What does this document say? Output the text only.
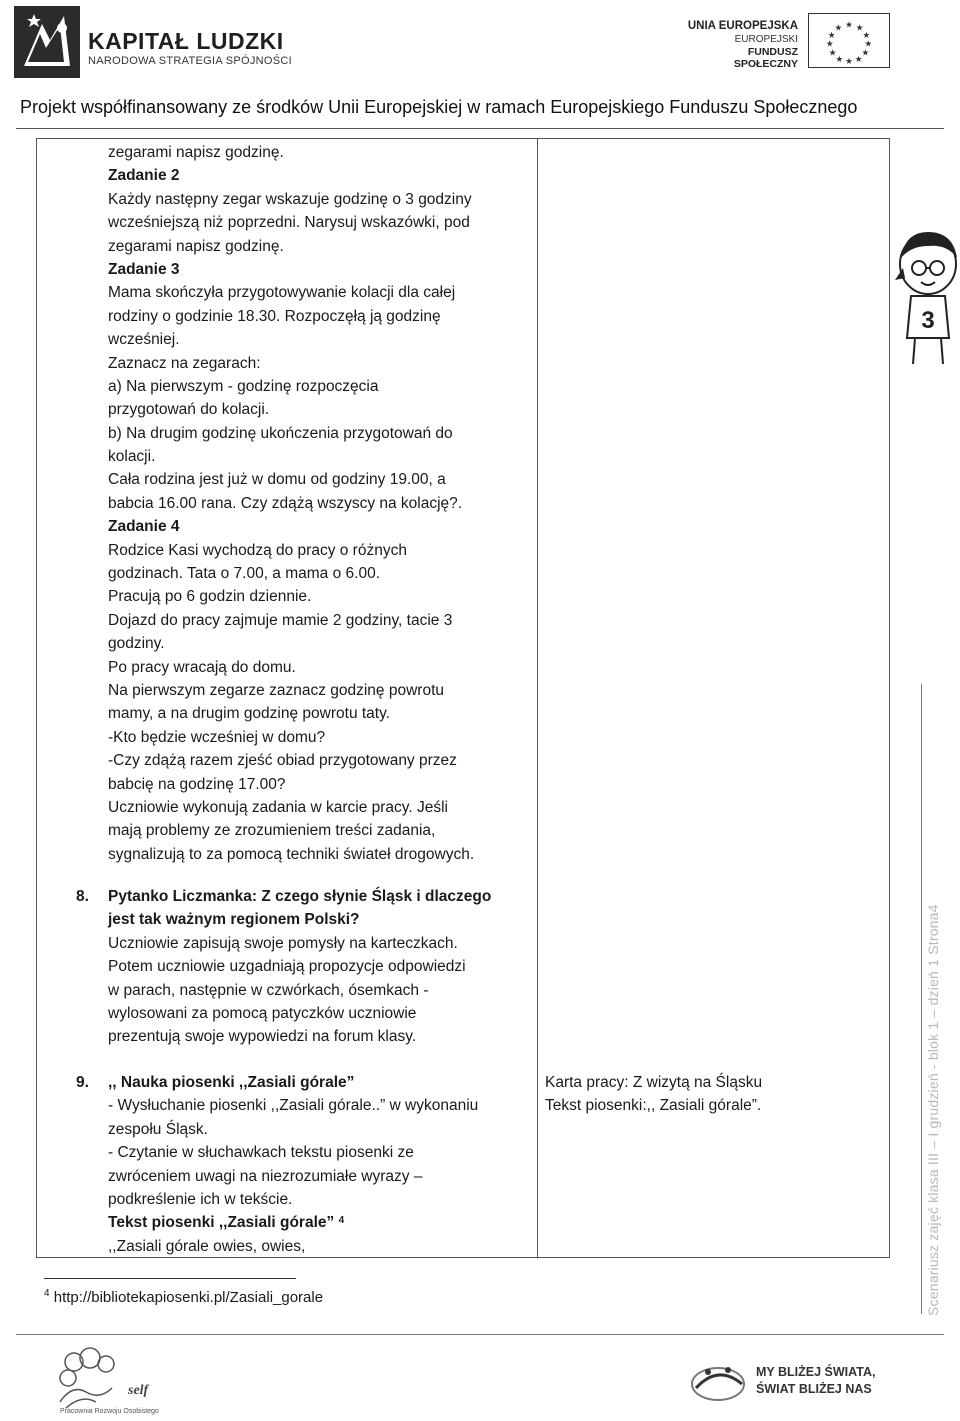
KAPITAŁ LUDZKI
NARODOWA STRATEGIA SPÓJNOŚCI
UNIA EUROPEJSKA
EUROPEJSKI
FUNDUSZ SPOŁECZNY
★ ★
★
★
★
★
★
★
★
★
★
★
Projekt współfinansowany ze środków Unii Europejskiej w ramach Europejskiego Funduszu Społecznego
zegarami napisz godzinę.
Zadanie 2
Każdy następny zegar wskazuje godzinę o 3 godziny
wcześniejszą niż poprzedni. Narysuj wskazówki, pod
zegarami napisz godzinę.
Zadanie 3
Mama skończyła przygotowywanie kolacji dla całej
rodziny o godzinie 18.30. Rozpoczęłą ją godzinę
wcześniej.
Zaznacz na zegarach:
a) Na pierwszym - godzinę rozpoczęcia
przygotowań do kolacji.
b) Na drugim godzinę ukończenia przygotowań do
kolacji.
Cała rodzina jest już w domu od godziny 19.00, a
babcia 16.00 rana. Czy zdążą wszyscy na kolację?.
Zadanie 4
Rodzice Kasi wychodzą do pracy o różnych
godzinach. Tata o 7.00, a mama o 6.00.
Pracują po 6 godzin dziennie.
Dojazd do pracy zajmuje mamie 2 godziny, tacie 3
godziny.
Po pracy wracają do domu.
Na pierwszym zegarze zaznacz godzinę powrotu
mamy, a na drugim godzinę powrotu taty.
-Kto będzie wcześniej w domu?
-Czy zdążą razem zjeść obiad przygotowany przez
babcię na godzinę 17.00?
Uczniowie wykonują zadania w karcie pracy. Jeśli
mają problemy ze zrozumieniem treści zadania,
sygnalizują to za pomocą techniki świateł drogowych.
8. Pytanko Liczmanka: Z czego słynie Śląsk i dlaczego
jest tak ważnym regionem Polski?
Uczniowie zapisują swoje pomysły na karteczkach.
Potem uczniowie uzgadniają propozycje odpowiedzi
w parach, następnie w czwórkach, ósemkach -
wylosowani za pomocą patyczków uczniowie
prezentują swoje wypowiedzi na forum klasy.
9. ,, Nauka piosenki ,,Zasiali górale”
- Wysłuchanie piosenki ,,Zasiali górale..” w wykonaniu
zespołu Śląsk.
- Czytanie w słuchawkach tekstu piosenki ze
zwróceniem uwagi na niezrozumiałe wyrazy –
podkreślenie ich w tekście.
Tekst piosenki ,,Zasiali górale” $^4$
,,Zasiali górale owies, owies,
Karta pracy: Z wizytą na Śląsku
Tekst piosenki:,, Zasiali górale”.
$^4$ http://bibliotekapiosenki.pl/Zasiali_gorale
3
Scenariusz zajęć klasa III – I grudzień - blok 1 – dzień 1 Strona4
self
Pracownia Rozwoju Osobistego
MY BLIŻEJ ŚWIATA,
ŚWIAT BLIŻEJ NAS
